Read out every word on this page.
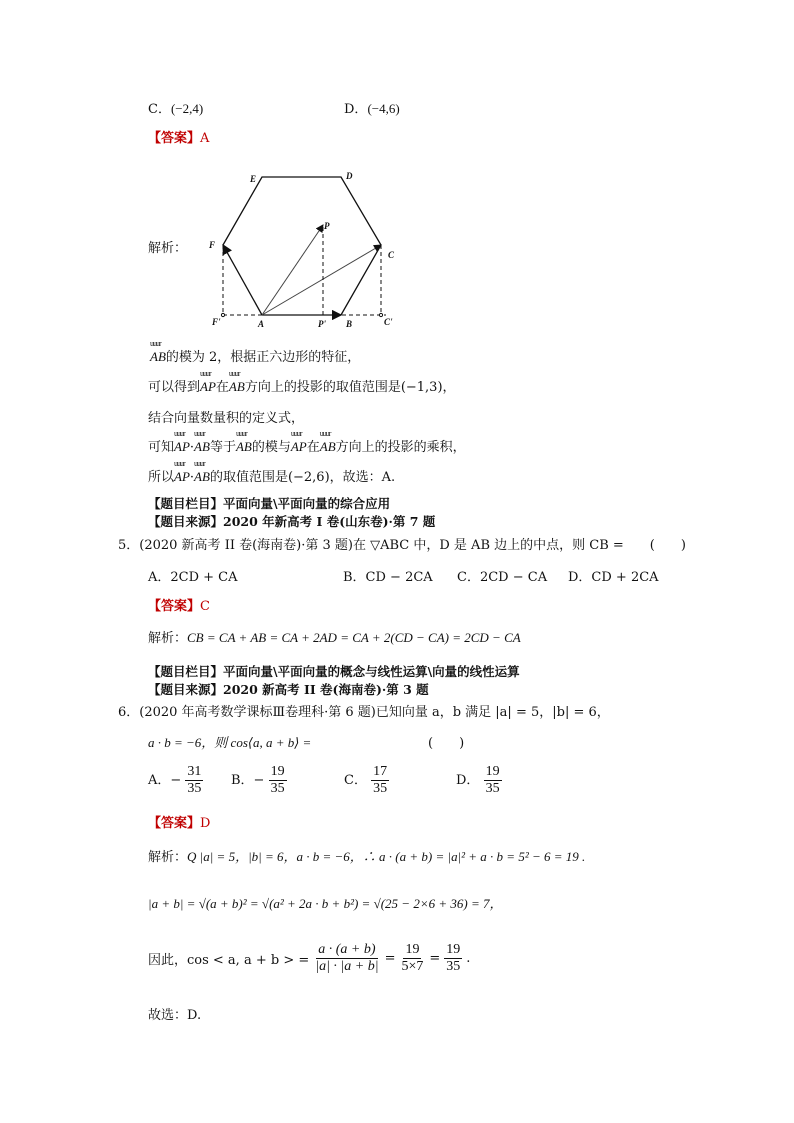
C．(−2,4)	D．(−4,6)
【答案】A
解析：
E	D
F
P
C
F'	A	P' B	C'
uuur AB的模为 2，根据正六边形的特征，
可以得到uuur AP在uuur AB方向上的投影的取值范围是(−1,3)，
结合向量数量积的定义式，
可知uuur AP·uuur AB等于uuur AB的模与uuur AP在uuur AB方向上的投影的乘积，
所以uuur AP·uuur AB的取值范围是(−2,6)，故选：A.
【题目栏目】平面向量\平面向量的综合应用
【题目来源】2020 年新高考 I 卷(山东卷)·第 7 题
5．(2020 新高考 II 卷(海南卷)·第 3 题)在 ▽ABC 中，D 是 AB 边上的中点，则 CB =　　(　　)
A．2CD + CA	B．CD − 2CA C．2CD − CA D．CD + 2CA
【答案】C
解析：CB = CA + AB = CA + 2AD = CA + 2(CD − CA) = 2CD − CA
【题目栏目】平面向量\平面向量的概念与线性运算\向量的线性运算
【题目来源】2020 新高考 II 卷(海南卷)·第 3 题
6．(2020 年高考数学课标Ⅲ卷理科·第 6 题)已知向量 a，b 满足 |a| = 5，|b| = 6，
a · b = −6，则 cos⟨a, a + b⟩ =	(　　)
A．− $\frac{31}{35}$ B．− $\frac{19}{35}$	C． $\frac{17}{35}$	D． $\frac{19}{35}$
【答案】D
解析：Q |a| = 5，|b| = 6，a · b = −6，∴ a · (a + b) = |a|² + a · b = 5² − 6 = 19 .
|a + b| = √(a + b)² = √(a² + 2a · b + b²) = √(25 − 2×6 + 36) = 7，
因此，cos < a, a + b > = $\frac{a \cdot (a + b)}{|a| \cdot |a + b|} = \frac{19}{5\times 7} = \frac{19}{35}$ .
故选：D.
